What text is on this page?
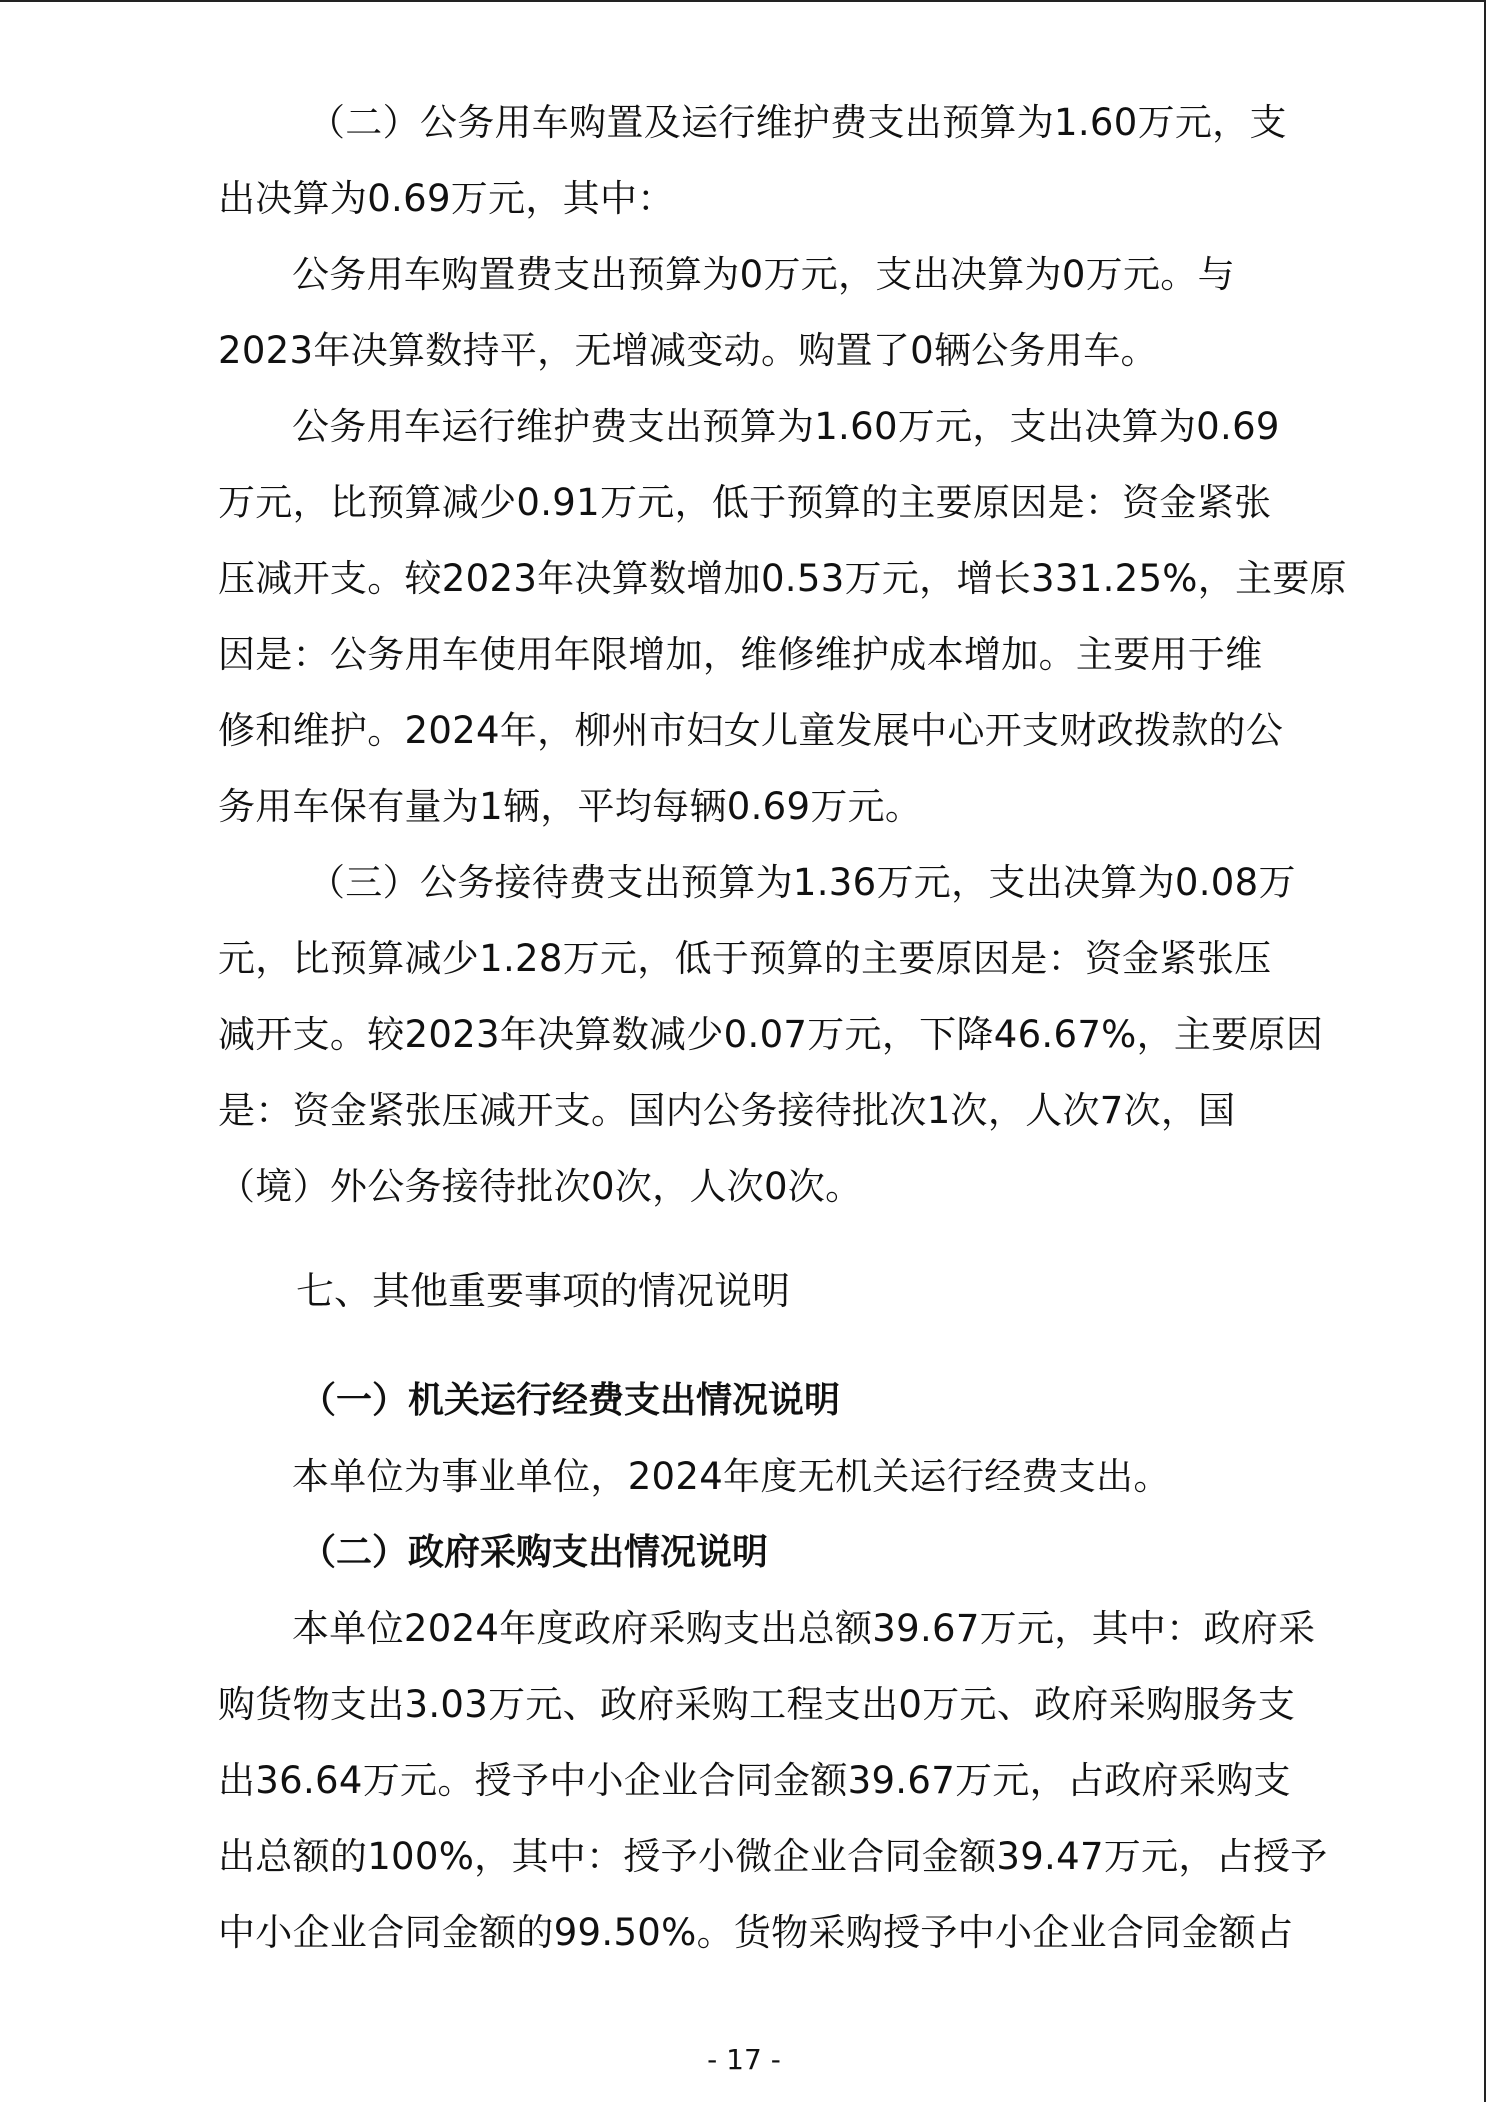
（二）公务用车购置及运行维护费支出预算为1.60万元，支
出决算为0.69万元，其中：
公务用车购置费支出预算为0万元，支出决算为0万元。与
2023年决算数持平，无增减变动。购置了0辆公务用车。
公务用车运行维护费支出预算为1.60万元，支出决算为0.69
万元，比预算减少0.91万元，低于预算的主要原因是：资金紧张
压减开支。较2023年决算数增加0.53万元，增长331.25%，主要原
因是：公务用车使用年限增加，维修维护成本增加。主要用于维
修和维护。2024年，柳州市妇女儿童发展中心开支财政拨款的公
务用车保有量为1辆，平均每辆0.69万元。
（三）公务接待费支出预算为1.36万元，支出决算为0.08万
元，比预算减少1.28万元，低于预算的主要原因是：资金紧张压
减开支。较2023年决算数减少0.07万元，下降46.67%，主要原因
是：资金紧张压减开支。国内公务接待批次1次，人次7次，国
（境）外公务接待批次0次，人次0次。
七、其他重要事项的情况说明
（一）机关运行经费支出情况说明
本单位为事业单位，2024年度无机关运行经费支出。
（二）政府采购支出情况说明
本单位2024年度政府采购支出总额39.67万元，其中：政府采
购货物支出3.03万元、政府采购工程支出0万元、政府采购服务支
出36.64万元。授予中小企业合同金额39.67万元，占政府采购支
出总额的100%，其中：授予小微企业合同金额39.47万元，占授予
中小企业合同金额的99.50%。货物采购授予中小企业合同金额占
- 17 -
